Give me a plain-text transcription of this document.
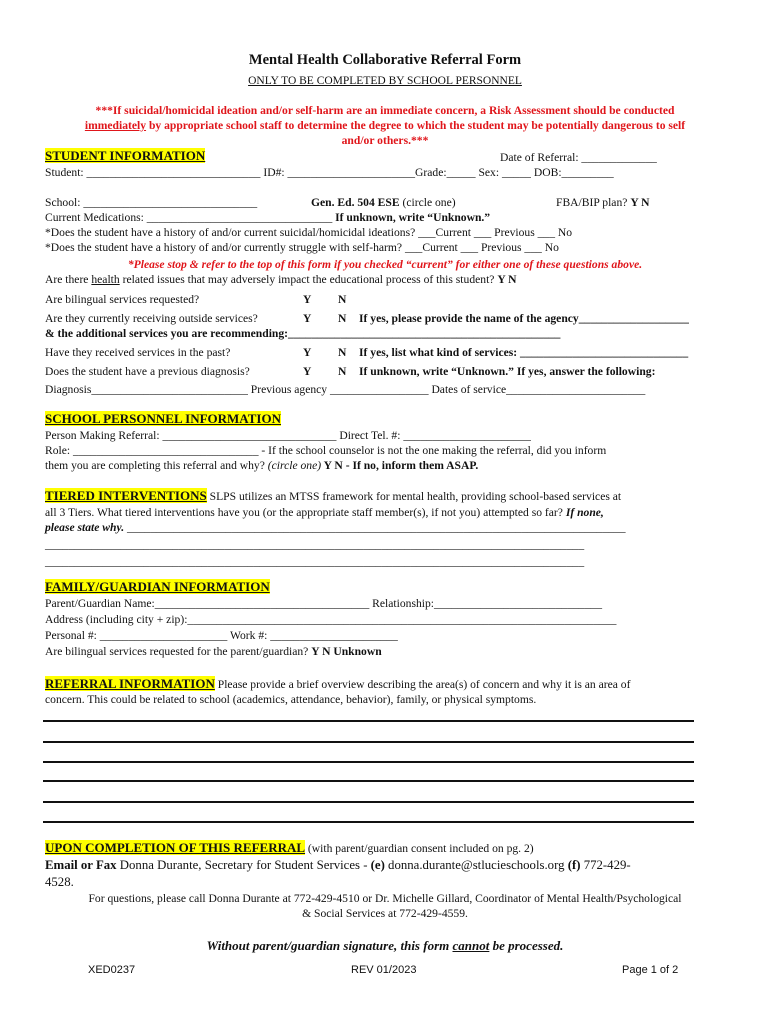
Mental Health Collaborative Referral Form
ONLY TO BE COMPLETED BY SCHOOL PERSONNEL
***If suicidal/homicidal ideation and/or self-harm are an immediate concern, a Risk Assessment should be conducted
immediately by appropriate school staff to determine the degree to which the student may be potentially dangerous to self
and/or others.***
STUDENT INFORMATION	Date of Referral: _____________
Student: ______________________________ ID#: ______________________Grade:_____ Sex: _____ DOB:_________
School: ______________________________	Gen. Ed. 504 ESE (circle one)	FBA/BIP plan? Y N
Current Medications: ________________________________ If unknown, write “Unknown.”
*Does the student have a history of and/or current suicidal/homicidal ideations? ___Current ___ Previous ___ No
*Does the student have a history of and/or currently struggle with self-harm? ___Current ___ Previous ___ No
*Please stop & refer to the top of this form if you checked “current” for either one of these questions above.
Are there health related issues that may adversely impact the educational process of this student? Y N
Are bilingual services requested?	Y N
Are they currently receiving outside services?	Y N If yes, please provide the name of the agency___________________
& the additional services you are recommending:_______________________________________________
Have they received services in the past?	Y N If yes, list what kind of services: _____________________________
Does the student have a previous diagnosis?	Y N If unknown, write “Unknown.” If yes, answer the following:
Diagnosis___________________________ Previous agency _________________ Dates of service________________________
SCHOOL PERSONNEL INFORMATION
Person Making Referral: ______________________________ Direct Tel. #: ______________________
Role: ________________________________ - If the school counselor is not the one making the referral, did you inform
them you are completing this referral and why? (circle one) Y N - If no, inform them ASAP.
TIERED INTERVENTIONS SLPS utilizes an MTSS framework for mental health, providing school-based services at
all 3 Tiers. What tiered interventions have you (or the appropriate staff member(s), if not you) attempted so far? If none,
please state why. ______________________________________________________________________________________
_____________________________________________________________________________________________
_____________________________________________________________________________________________
FAMILY/GUARDIAN INFORMATION
Parent/Guardian Name:_____________________________________ Relationship:_____________________________
Address (including city + zip):__________________________________________________________________________
Personal #: ______________________ Work #: ______________________
Are bilingual services requested for the parent/guardian? Y N Unknown
REFERRAL INFORMATION Please provide a brief overview describing the area(s) of concern and why it is an area of
concern. This could be related to school (academics, attendance, behavior), family, or physical symptoms.
UPON COMPLETION OF THIS REFERRAL (with parent/guardian consent included on pg. 2)
Email or Fax Donna Durante, Secretary for Student Services - (e) donna.durante@stlucieschools.org (f) 772-429-
4528.
For questions, please call Donna Durante at 772-429-4510 or Dr. Michelle Gillard, Coordinator of Mental Health/Psychological
& Social Services at 772-429-4559.
Without parent/guardian signature, this form cannot be processed.
XED0237	REV 01/2023	Page 1 of 2
